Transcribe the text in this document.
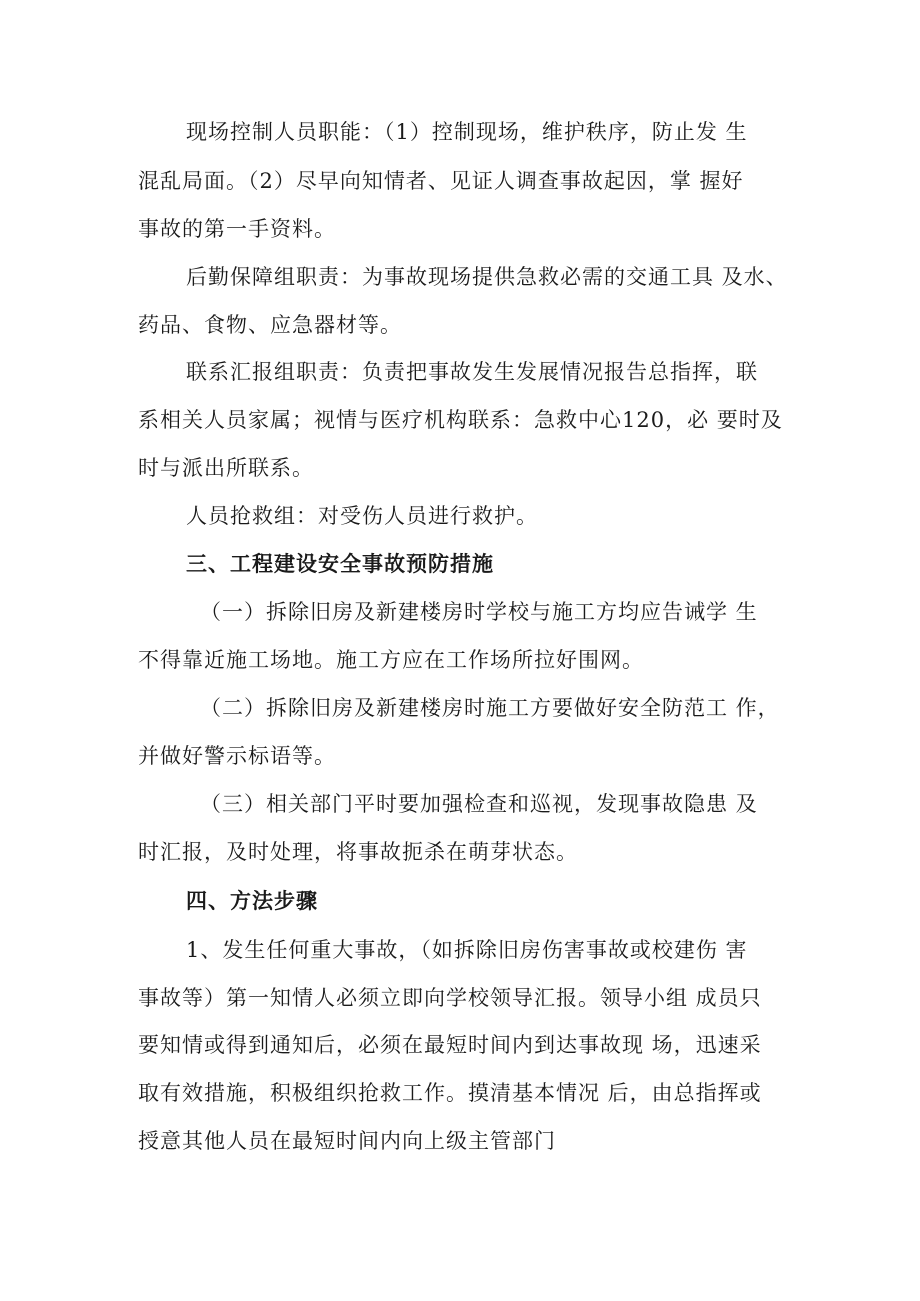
现场控制人员职能：（1）控制现场，维护秩序，防止发 生
混乱局面。（2）尽早向知情者、见证人调查事故起因，掌 握好
事故的第一手资料。
后勤保障组职责：为事故现场提供急救必需的交通工具 及水、
药品、食物、应急器材等。
联系汇报组职责：负责把事故发生发展情况报告总指挥，联
系相关人员家属；视情与医疗机构联系：急救中心120，必 要时及
时与派出所联系。
人员抢救组：对受伤人员进行救护。
三、工程建设安全事故预防措施
（一）拆除旧房及新建楼房时学校与施工方均应告诫学 生
不得靠近施工场地。施工方应在工作场所拉好围网。
（二）拆除旧房及新建楼房时施工方要做好安全防范工 作，
并做好警示标语等。
（三）相关部门平时要加强检查和巡视，发现事故隐患 及
时汇报，及时处理，将事故扼杀在萌芽状态。
四、方法步骤
1、发生任何重大事故，（如拆除旧房伤害事故或校建伤 害
事故等）第一知情人必须立即向学校领导汇报。领导小组 成员只
要知情或得到通知后，必须在最短时间内到达事故现 场，迅速采
取有效措施，积极组织抢救工作。摸清基本情况 后，由总指挥或
授意其他人员在最短时间内向上级主管部门
